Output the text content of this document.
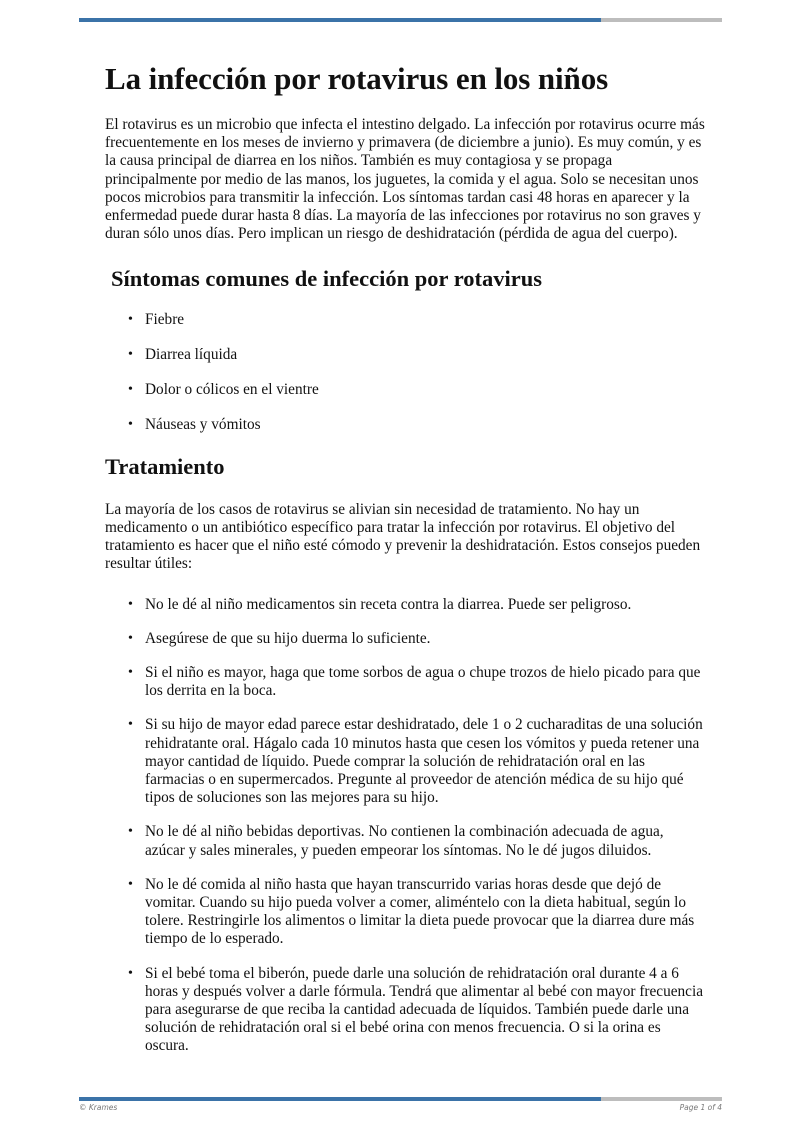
La infección por rotavirus en los niños

El rotavirus es un microbio que infecta el intestino delgado. La infección por rotavirus ocurre más frecuentemente en los meses de invierno y primavera (de diciembre a junio). Es muy común, y es la causa principal de diarrea en los niños. También es muy contagiosa y se propaga principalmente por medio de las manos, los juguetes, la comida y el agua. Solo se necesitan unos pocos microbios para transmitir la infección. Los síntomas tardan casi 48 horas en aparecer y la enfermedad puede durar hasta 8 días. La mayoría de las infecciones por rotavirus no son graves y duran sólo unos días. Pero implican un riesgo de deshidratación (pérdida de agua del cuerpo).

Síntomas comunes de infección por rotavirus
• Fiebre
• Diarrea líquida
• Dolor o cólicos en el vientre
• Náuseas y vómitos
Tratamiento

La mayoría de los casos de rotavirus se alivian sin necesidad de tratamiento. No hay un medicamento o un antibiótico específico para tratar la infección por rotavirus. El objetivo del tratamiento es hacer que el niño esté cómodo y prevenir la deshidratación. Estos consejos pueden resultar útiles:

• No le dé al niño medicamentos sin receta contra la diarrea. Puede ser peligroso.
• Asegúrese de que su hijo duerma lo suficiente.
• Si el niño es mayor, haga que tome sorbos de agua o chupe trozos de hielo picado para que los derrita en la boca.
• Si su hijo de mayor edad parece estar deshidratado, dele 1 o 2 cucharaditas de una solución rehidratante oral. Hágalo cada 10 minutos hasta que cesen los vómitos y pueda retener una mayor cantidad de líquido. Puede comprar la solución de rehidratación oral en las farmacias o en supermercados. Pregunte al proveedor de atención médica de su hijo qué tipos de soluciones son las mejores para su hijo.
• No le dé al niño bebidas deportivas. No contienen la combinación adecuada de agua, azúcar y sales minerales, y pueden empeorar los síntomas. No le dé jugos diluidos.
• No le dé comida al niño hasta que hayan transcurrido varias horas desde que dejó de vomitar. Cuando su hijo pueda volver a comer, aliméntelo con la dieta habitual, según lo tolere. Restringirle los alimentos o limitar la dieta puede provocar que la diarrea dure más tiempo de lo esperado.
• Si el bebé toma el biberón, puede darle una solución de rehidratación oral durante 4 a 6 horas y después volver a darle fórmula. Tendrá que alimentar al bebé con mayor frecuencia para asegurarse de que reciba la cantidad adecuada de líquidos. También puede darle una solución de rehidratación oral si el bebé orina con menos frecuencia. O si la orina es oscura.
© Krames	Page 1 of 4
